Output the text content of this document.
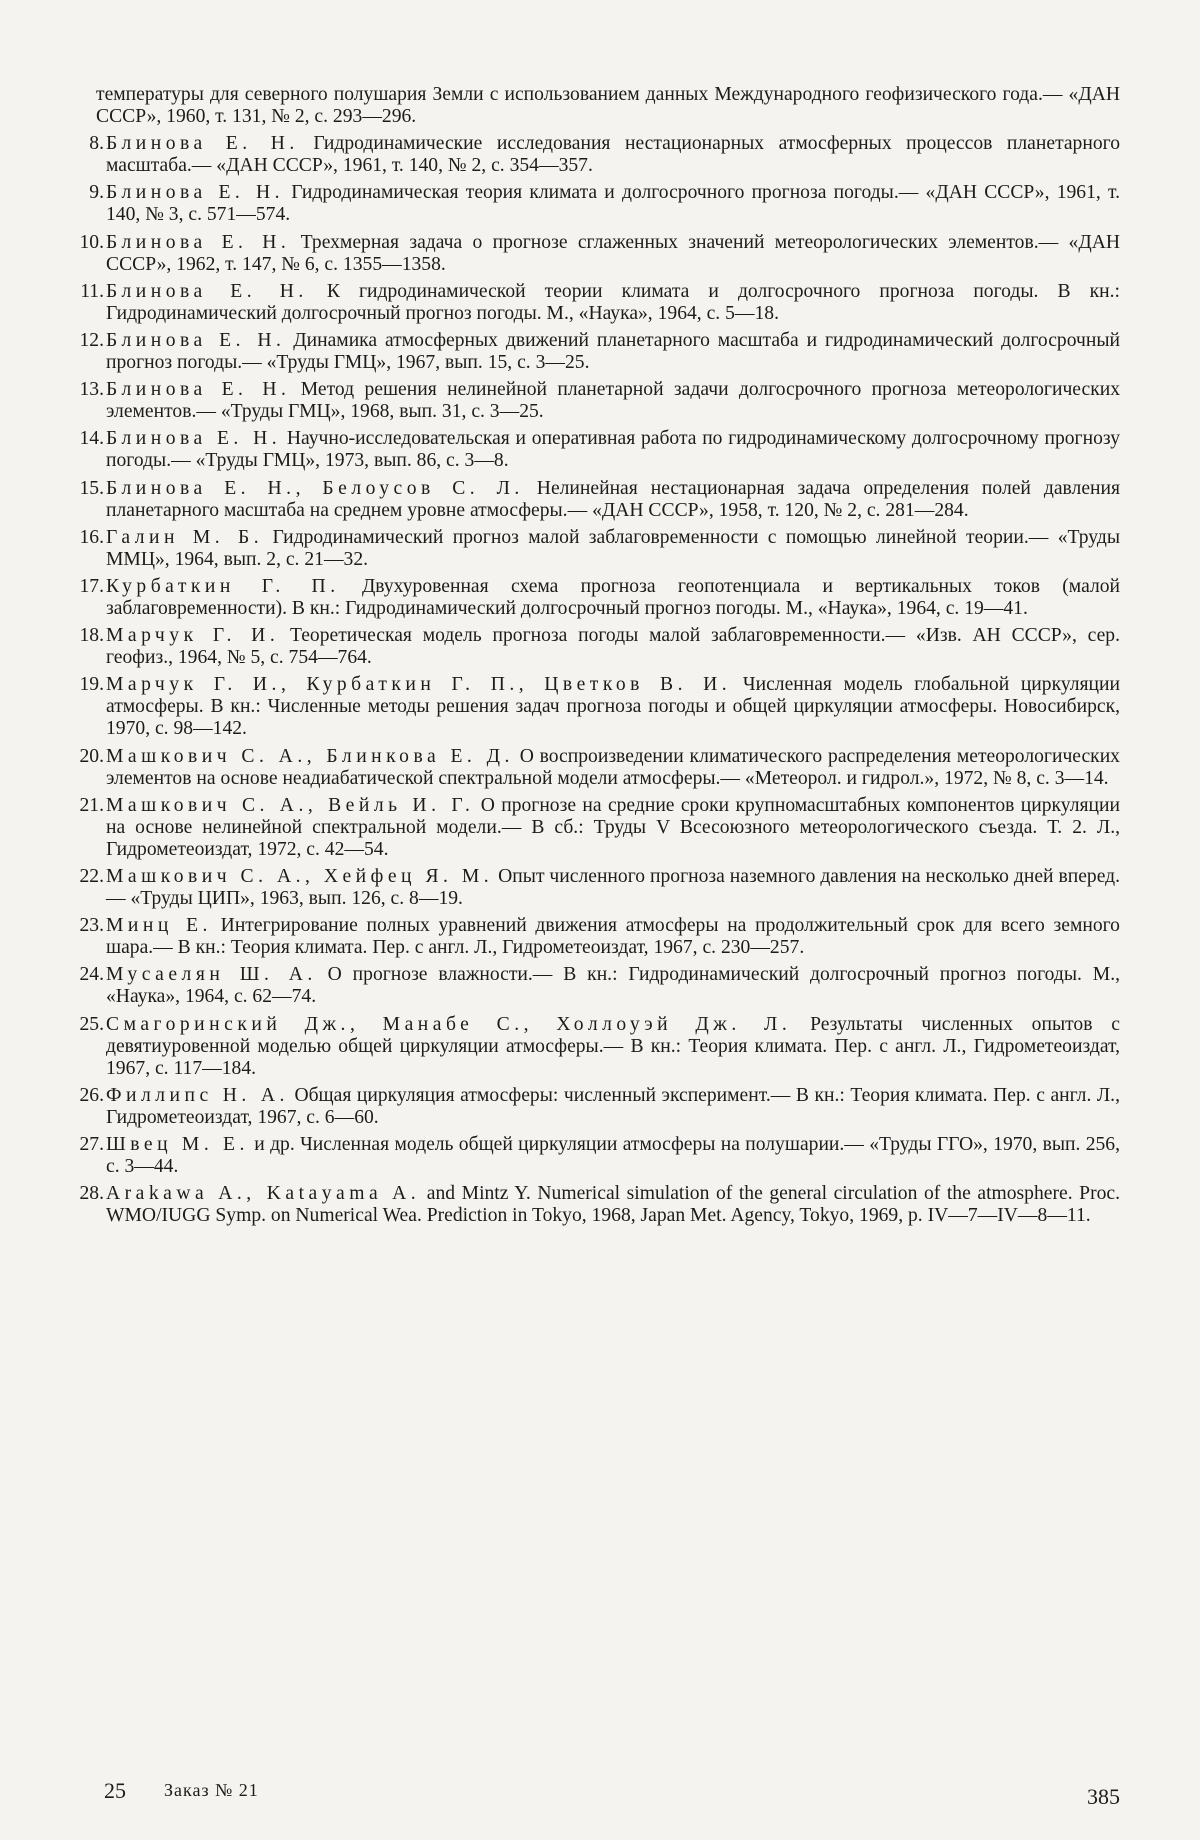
температуры для северного полушария Земли с использованием данных Международного геофизического года.— «ДАН СССР», 1960, т. 131, № 2, с. 293—296.

8. Блинова Е. Н. Гидродинамические исследования нестационарных атмосферных процессов планетарного масштаба.— «ДАН СССР», 1961, т. 140, № 2, с. 354—357.

9. Блинова Е. Н. Гидродинамическая теория климата и долгосрочного прогноза погоды.— «ДАН СССР», 1961, т. 140, № 3, с. 571—574.

10. Блинова Е. Н. Трехмерная задача о прогнозе сглаженных значений метеорологических элементов.— «ДАН СССР», 1962, т. 147, № 6, с. 1355—1358.

11. Блинова Е. Н. К гидродинамической теории климата и долгосрочного прогноза погоды. В кн.: Гидродинамический долгосрочный прогноз погоды. М., «Наука», 1964, с. 5—18.

12. Блинова Е. Н. Динамика атмосферных движений планетарного масштаба и гидродинамический долгосрочный прогноз погоды.— «Труды ГМЦ», 1967, вып. 15, с. 3—25.

13. Блинова Е. Н. Метод решения нелинейной планетарной задачи долгосрочного прогноза метеорологических элементов.— «Труды ГМЦ», 1968, вып. 31, с. 3—25.

14. Блинова Е. Н. Научно-исследовательская и оперативная работа по гидродинамическому долгосрочному прогнозу погоды.— «Труды ГМЦ», 1973, вып. 86, с. 3—8.

15. Блинова Е. Н., Белоусов С. Л. Нелинейная нестационарная задача определения полей давления планетарного масштаба на среднем уровне атмосферы.— «ДАН СССР», 1958, т. 120, № 2, с. 281—284.

16. Галин М. Б. Гидродинамический прогноз малой заблаговременности с помощью линейной теории.— «Труды ММЦ», 1964, вып. 2, с. 21—32.

17. Курбаткин Г. П. Двухуровенная схема прогноза геопотенциала и вертикальных токов (малой заблаговременности). В кн.: Гидродинамический долгосрочный прогноз погоды. М., «Наука», 1964, с. 19—41.

18. Марчук Г. И. Теоретическая модель прогноза погоды малой заблаговременности.— «Изв. АН СССР», сер. геофиз., 1964, № 5, с. 754—764.

19. Марчук Г. И., Курбаткин Г. П., Цветков В. И. Численная модель глобальной циркуляции атмосферы. В кн.: Численные методы решения задач прогноза погоды и общей циркуляции атмосферы. Новосибирск, 1970, с. 98—142.

20. Машкович С. А., Блинкова Е. Д. О воспроизведении климатического распределения метеорологических элементов на основе неадиабатической спектральной модели атмосферы.— «Метеорол. и гидрол.», 1972, № 8, с. 3—14.

21. Машкович С. А., Вейль И. Г. О прогнозе на средние сроки крупномасштабных компонентов циркуляции на основе нелинейной спектральной модели.— В сб.: Труды V Всесоюзного метеорологического съезда. Т. 2. Л., Гидрометеоиздат, 1972, с. 42—54.

22. Машкович С. А., Хейфец Я. М. Опыт численного прогноза наземного давления на несколько дней вперед.— «Труды ЦИП», 1963, вып. 126, с. 8—19.

23. Минц Е. Интегрирование полных уравнений движения атмосферы на продолжительный срок для всего земного шара.— В кн.: Теория климата. Пер. с англ. Л., Гидрометеоиздат, 1967, с. 230—257.

24. Мусаелян Ш. А. О прогнозе влажности.— В кн.: Гидродинамический долгосрочный прогноз погоды. М., «Наука», 1964, с. 62—74.

25. Смагоринский Дж., Манабе С., Холлоуэй Дж. Л. Результаты численных опытов с девятиуровенной моделью общей циркуляции атмосферы.— В кн.: Теория климата. Пер. с англ. Л., Гидрометеоиздат, 1967, с. 117—184.

26. Филлипс Н. А. Общая циркуляция атмосферы: численный эксперимент.— В кн.: Теория климата. Пер. с англ. Л., Гидрометеоиздат, 1967, с. 6—60.

27. Швец М. Е. и др. Численная модель общей циркуляции атмосферы на полушарии.— «Труды ГГО», 1970, вып. 256, с. 3—44.

28. Arakawa A., Katayama A. and Mintz Y. Numerical simulation of the general circulation of the atmosphere. Proc. WMO/IUGG Symp. on Numerical Wea. Prediction in Tokyo, 1968, Japan Met. Agency, Tokyo, 1969, p. IV—7—IV—8—11.

25 Заказ № 21	385
